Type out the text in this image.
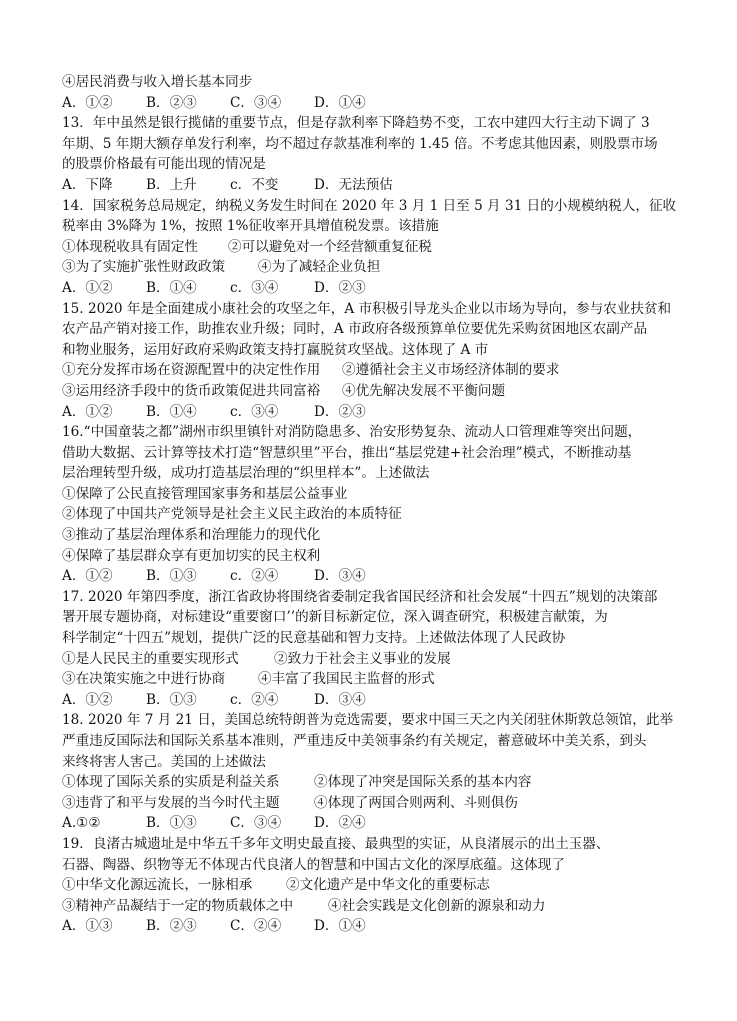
④居民消费与收入增长基本同步
A．①②	B．②③	C．③④	D．①④
13．年中虽然是银行揽储的重要节点，但是存款利率下降趋势不变，工农中建四大行主动下调了 3
年期、5 年期大额存单发行利率，均不超过存款基准利率的 1.45 倍。不考虑其他因素，则股票市场
的股票价格最有可能出现的情况是
A．下降	B．上升	c．不变	D．无法预估
14．国家税务总局规定，纳税义务发生时间在 2020 年 3 月 1 日至 5 月 31 日的小规模纳税人，征收
税率由 3%降为 1%，按照 1%征收率开具增值税发票。该措施
①体现税收具有固定性	②可以避免对一个经营额重复征税
③为了实施扩张性财政政策	④为了减轻企业负担
A．①②	B．①④	c．③④	D．②③
15. 2020 年是全面建成小康社会的攻坚之年，A 市积极引导龙头企业以市场为导向，参与农业扶贫和
农产品产销对接工作，助推农业升级；同时，A 市政府各级预算单位要优先采购贫困地区农副产品
和物业服务，运用好政府采购政策支持打赢脱贫攻坚战。这体现了 A 市
①充分发挥市场在资源配置中的决定性作用	②遵循社会主义市场经济体制的要求
③运用经济手段中的货币政策促进共同富裕	④优先解决发展不平衡问题
A．①②	B．①④	c．③④	D．②③
16.“中国童装之都”湖州市织里镇针对消防隐患多、治安形势复杂、流动人口管理难等突出问题，
借助大数据、云计算等技术打造“智慧织里”平台，推出“基层党建+社会治理”模式，不断推动基
层治理转型升级，成功打造基层治理的“织里样本”。上述做法
①保障了公民直接管理国家事务和基层公益事业
②体现了中国共产党领导是社会主义民主政治的本质特征
③推动了基层治理体系和治理能力的现代化
④保障了基层群众享有更加切实的民主权利
A．①②	B．①③	c．②④	D．③④
17. 2020 年第四季度，浙江省政协将围绕省委制定我省国民经济和社会发展“十四五”规划的决策部
署开展专题协商，对标建设“重要窗口’’的新目标新定位，深入调查研究，积极建言献策，为
科学制定“十四五”规划，提供广泛的民意基础和智力支持。上述做法体现了人民政协
①是人民民主的重要实现形式	②致力于社会主义事业的发展
③在决策实施之中进行协商	④丰富了我国民主监督的形式
A．①②	B．①③	c．②④	D．③④
18. 2020 年 7 月 21 日，美国总统特朗普为竞选需要，要求中国三天之内关闭驻休斯敦总领馆，此举
严重违反国际法和国际关系基本准则，严重违反中美领事条约有关规定，蓄意破坏中美关系，到头
来终将害人害己。美国的上述做法
①体现了国际关系的实质是利益关系	②体现了冲突是国际关系的基本内容
③违背了和平与发展的当今时代主题	④体现了两国合则两利、斗则俱伤
A.①②	B．①③	C．③④	D．②④
19．良渚古城遗址是中华五千多年文明史最直接、最典型的实证，从良渚展示的出土玉器、
石器、陶器、织物等无不体现古代良渚人的智慧和中国古文化的深厚底蕴。这体现了
①中华文化源远流长，一脉相承	②文化遗产是中华文化的重要标志
③精神产品凝结于一定的物质载体之中	④社会实践是文化创新的源泉和动力
A．①③	B．②③	C．②④	D．①④
